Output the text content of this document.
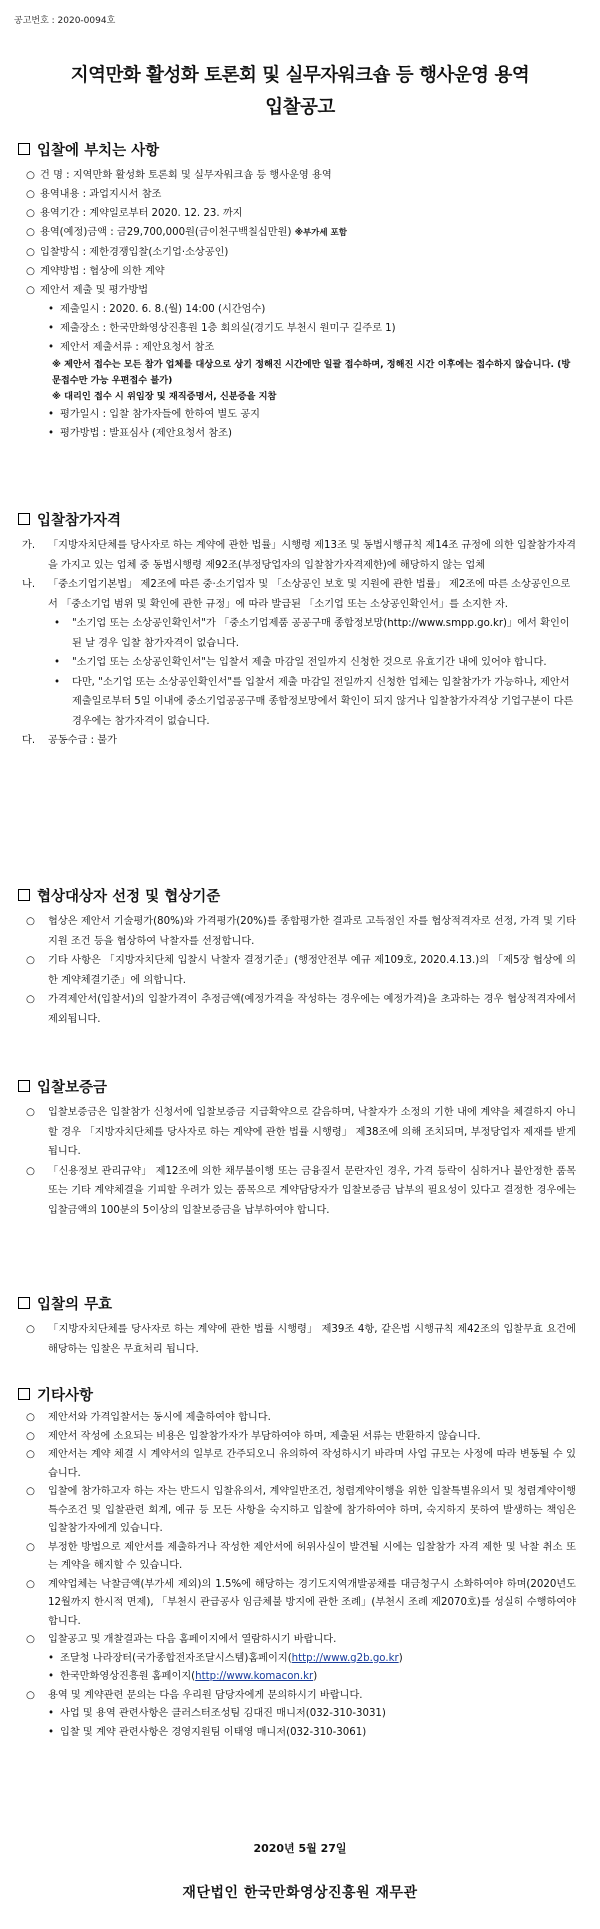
공고번호 : 2020-0094호
지역만화 활성화 토론회 및 실무자워크숍 등 행사운영 용역
입찰공고
입찰에 부치는 사항
○ 건 명 : 지역만화 활성화 토론회 및 실무자워크숍 등 행사운영 용역
○ 용역내용 : 과업지시서 참조
○ 용역기간 : 계약일로부터 2020. 12. 23. 까지
○ 용역(예정)금액 : 금29,700,000원(금이천구백칠십만원) ※부가세 포함
○ 입찰방식 : 제한경쟁입찰(소기업·소상공인)
○ 계약방법 : 협상에 의한 계약
○ 제안서 제출 및 평가방법
• 제출일시 : 2020. 6. 8.(월) 14:00 (시간엄수)
• 제출장소 : 한국만화영상진흥원 1층 회의실(경기도 부천시 원미구 길주로 1)
• 제안서 제출서류 : 제안요청서 참조
※ 제안서 접수는 모든 참가 업체를 대상으로 상기 정해진 시간에만 일괄 접수하며, 정해진 시간 이후에는 접수하지 않습니다. (방문접수만 가능 우편접수 불가)
※ 대리인 접수 시 위임장 및 재직증명서, 신분증을 지참
• 평가일시 : 입찰 참가자들에 한하여 별도 공지
• 평가방법 : 발표심사 (제안요청서 참조)
입찰참가자격
가. 「지방자치단체를 당사자로 하는 계약에 관한 법률」시행령 제13조 및 동법시행규칙 제14조 규정에 의한 입찰참가자격을 가지고 있는 업체 중 동법시행령 제92조(부정당업자의 입찰참가자격제한)에 해당하지 않는 업체
나. 「중소기업기본법」 제2조에 따른 중·소기업자 및 「소상공인 보호 및 지원에 관한 법률」 제2조에 따른 소상공인으로서 「중소기업 범위 및 확인에 관한 규정」에 따라 발급된 「소기업 또는 소상공인확인서」를 소지한 자.
• "소기업 또는 소상공인확인서"가 「중소기업제품 공공구매 종합정보망(http://www.smpp.go.kr)」에서 확인이 된 날 경우 입찰 참가자격이 없습니다.
• "소기업 또는 소상공인확인서"는 입찰서 제출 마감일 전일까지 신청한 것으로 유효기간 내에 있어야 합니다.
• 다만, "소기업 또는 소상공인확인서"를 입찰서 제출 마감일 전일까지 신청한 업체는 입찰참가가 가능하나, 제안서 제출일로부터 5일 이내에 중소기업공공구매 종합정보망에서 확인이 되지 않거나 입찰참가자격상 기업구분이 다른 경우에는 참가자격이 없습니다.
다. 공동수급 : 불가
협상대상자 선정 및 협상기준
○ 협상은 제안서 기술평가(80%)와 가격평가(20%)를 종합평가한 결과로 고득점인 자를 협상적격자로 선정, 가격 및 기타 지원 조건 등을 협상하여 낙찰자를 선정합니다.
○ 기타 사항은 「지방자치단체 입찰시 낙찰자 결정기준」(행정안전부 예규 제109호, 2020.4.13.)의 「제5장 협상에 의한 계약체결기준」에 의합니다.
○ 가격제안서(입찰서)의 입찰가격이 추정금액(예정가격을 작성하는 경우에는 예정가격)을 초과하는 경우 협상적격자에서 제외됩니다.
입찰보증금
○ 입찰보증금은 입찰참가 신청서에 입찰보증금 지급확약으로 갈음하며, 낙찰자가 소정의 기한 내에 계약을 체결하지 아니할 경우 「지방자치단체를 당사자로 하는 계약에 관한 법률 시행령」 제38조에 의해 조치되며, 부정당업자 제재를 받게 됩니다.
○ 「신용정보 관리규약」 제12조에 의한 채무불이행 또는 금융질서 문란자인 경우, 가격 등락이 심하거나 불안정한 품목 또는 기타 계약체결을 기피할 우려가 있는 품목으로 계약담당자가 입찰보증금 납부의 필요성이 있다고 결정한 경우에는 입찰금액의 100분의 5이상의 입찰보증금을 납부하여야 합니다.
입찰의 무효
○ 「지방자치단체를 당사자로 하는 계약에 관한 법률 시행령」 제39조 4항, 같은법 시행규칙 제42조의 입찰무효 요건에 해당하는 입찰은 무효처리 됩니다.
기타사항
○ 제안서와 가격입찰서는 동시에 제출하여야 합니다.
○ 제안서 작성에 소요되는 비용은 입찰참가자가 부담하여야 하며, 제출된 서류는 반환하지 않습니다.
○ 제안서는 계약 체결 시 계약서의 일부로 간주되오니 유의하여 작성하시기 바라며 사업 규모는 사정에 따라 변동될 수 있습니다.
○ 입찰에 참가하고자 하는 자는 반드시 입찰유의서, 계약일반조건, 청렴계약이행을 위한 입찰특별유의서 및 청렴계약이행 특수조건 및 입찰관련 회계, 예규 등 모든 사항을 숙지하고 입찰에 참가하여야 하며, 숙지하지 못하여 발생하는 책임은 입찰참가자에게 있습니다.
○ 부정한 방법으로 제안서를 제출하거나 작성한 제안서에 허위사실이 발견될 시에는 입찰참가 자격 제한 및 낙찰 취소 또는 계약을 해지할 수 있습니다.
○ 계약업체는 낙찰금액(부가세 제외)의 1.5%에 해당하는 경기도지역개발공채를 대금청구시 소화하여야 하며(2020년도 12월까지 한시적 면제), 「부천시 관급공사 임금체불 방지에 관한 조례」(부천시 조례 제2070호)를 성실히 수행하여야 합니다.
○ 입찰공고 및 개찰결과는 다음 홈페이지에서 열람하시기 바랍니다.
• 조달청 나라장터(국가종합전자조달시스템)홈페이지(http://www.g2b.go.kr)
• 한국만화영상진흥원 홈페이지(http://www.komacon.kr)
○ 용역 및 계약관련 문의는 다음 우리원 담당자에게 문의하시기 바랍니다.
• 사업 및 용역 관련사항은 클러스터조성팀 김대진 매니저(032-310-3031)
• 입찰 및 계약 관련사항은 경영지원팀 이태영 매니저(032-310-3061)
2020년 5월 27일
재단법인 한국만화영상진흥원 재무관
